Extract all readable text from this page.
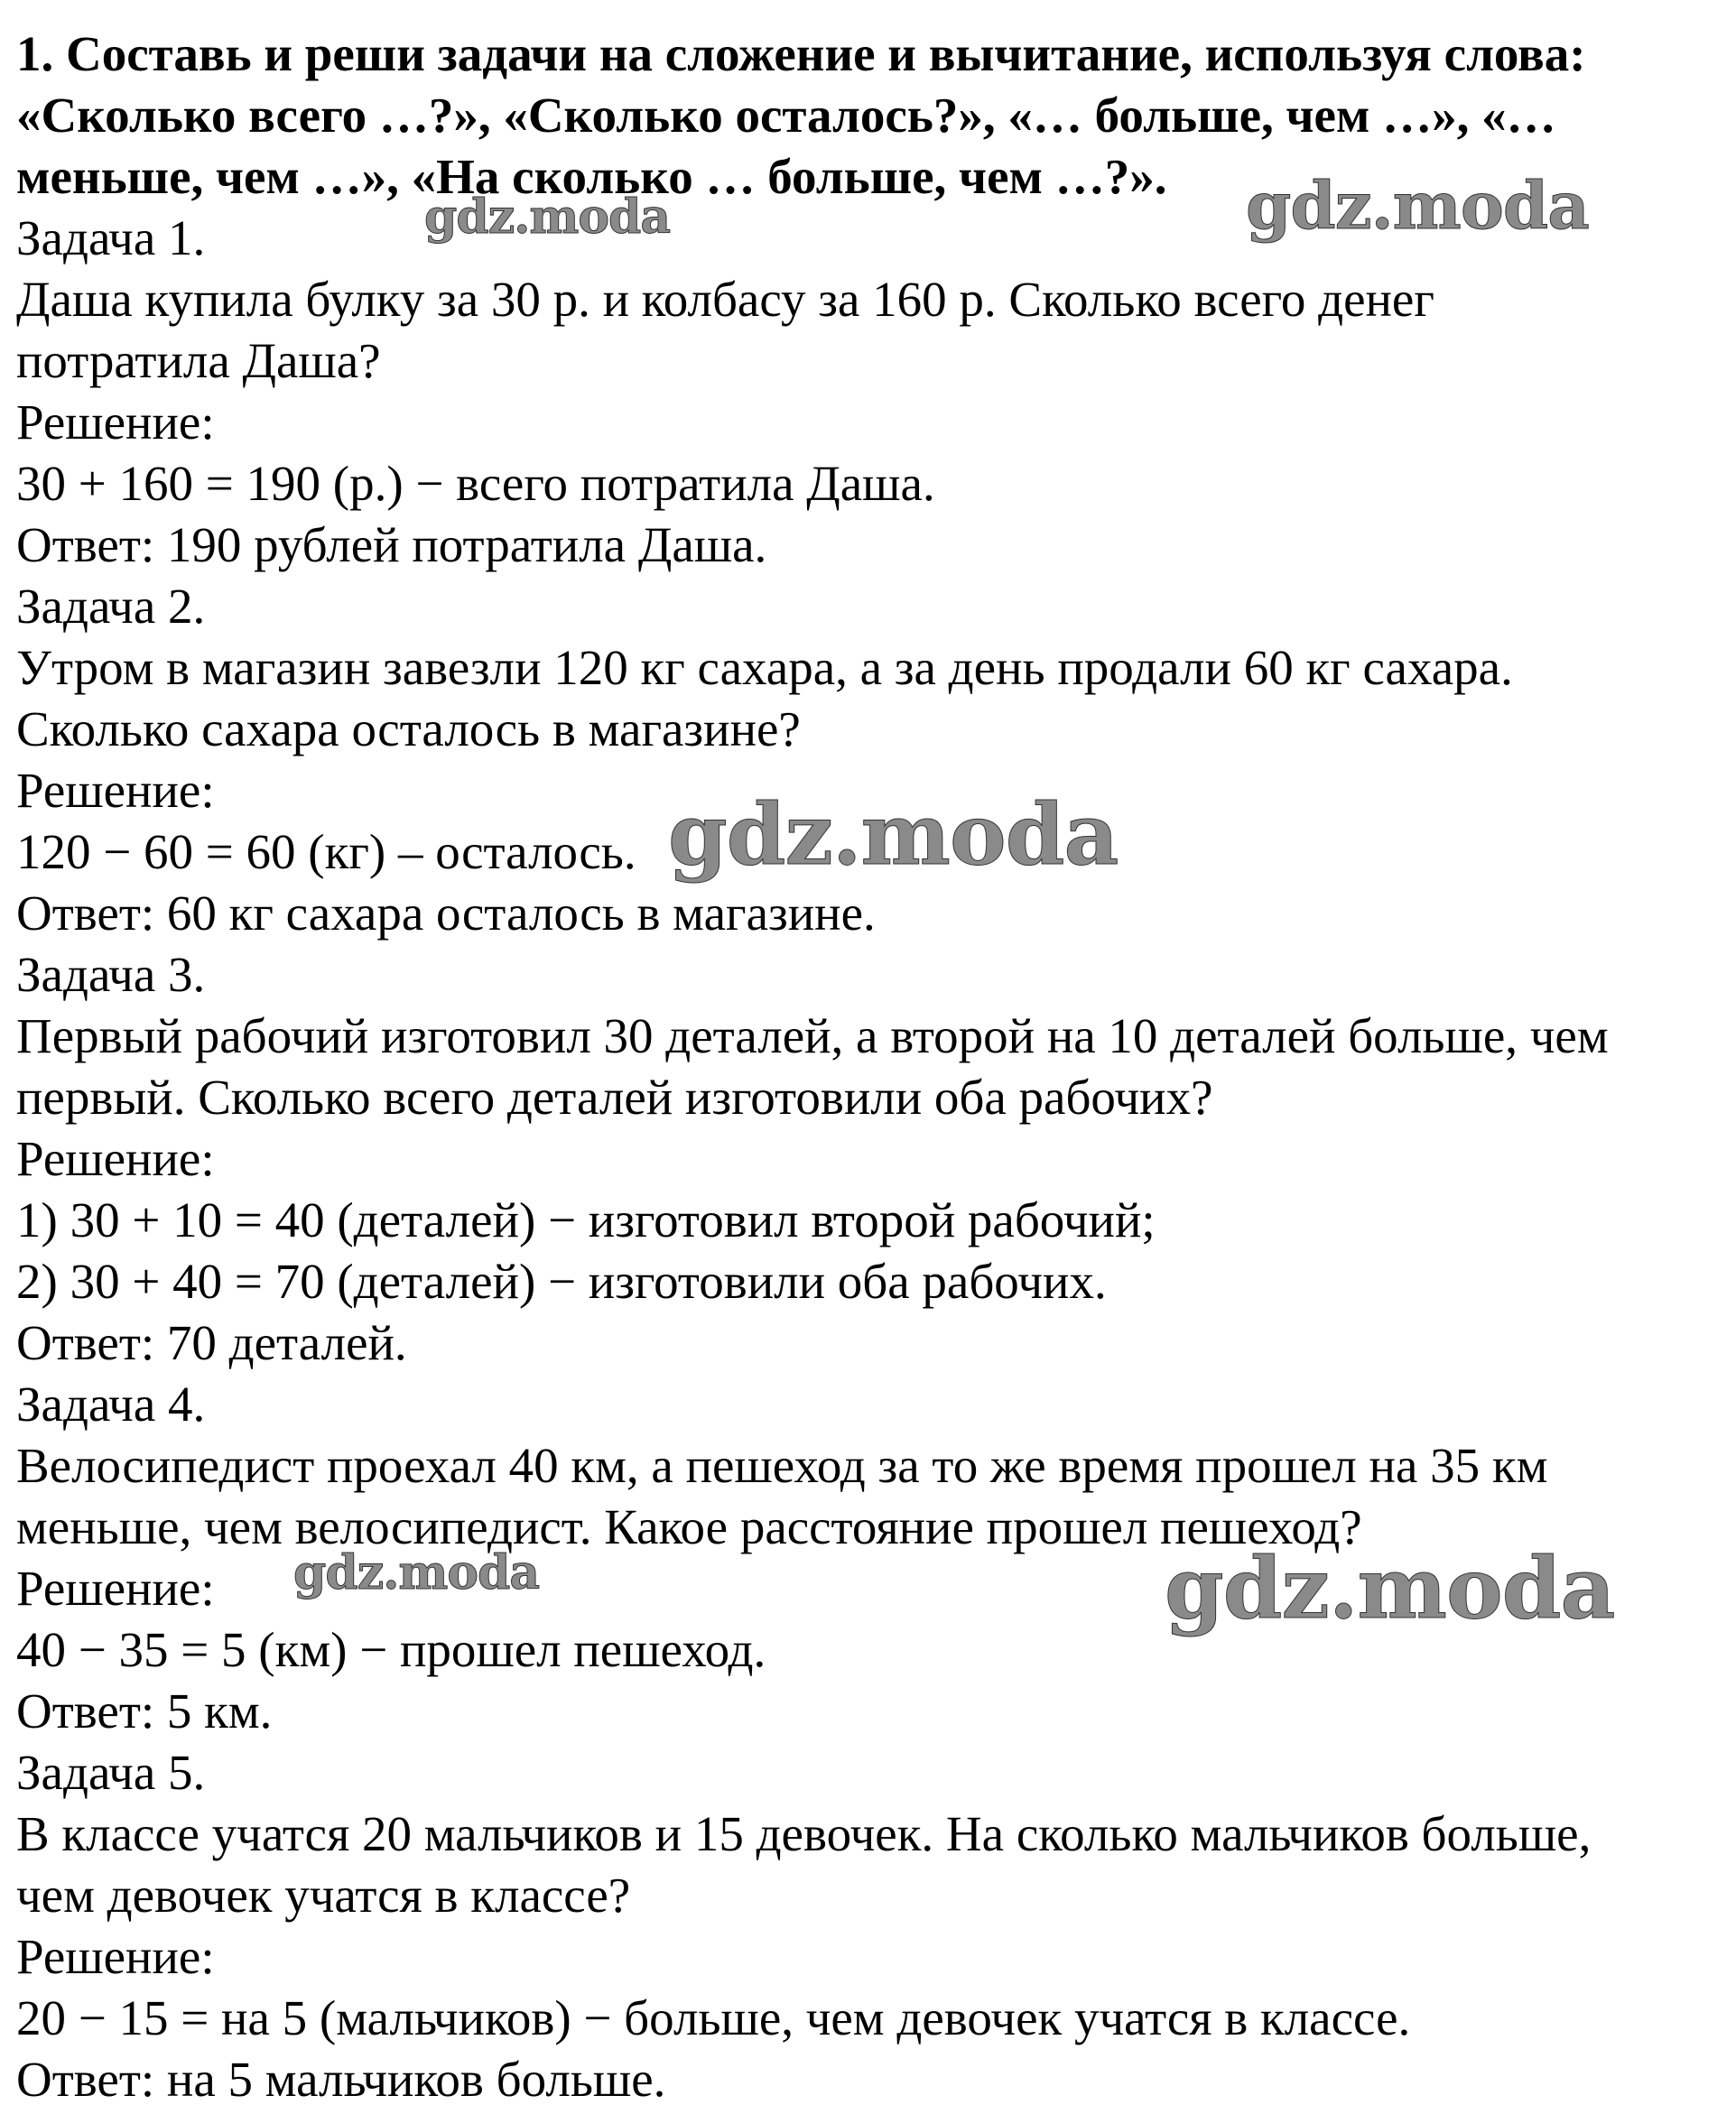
1. Составь и реши задачи на сложение и вычитание, используя слова:
«Сколько всего …?», «Сколько осталось?», «… больше, чем …», «…
меньше, чем …», «На сколько … больше, чем …?».
Задача 1.
Даша купила булку за 30 р. и колбасу за 160 р. Сколько всего денег
потратила Даша?
Решение:
30 + 160 = 190 (р.) − всего потратила Даша.
Ответ: 190 рублей потратила Даша.
Задача 2.
Утром в магазин завезли 120 кг сахара, а за день продали 60 кг сахара.
Сколько сахара осталось в магазине?
Решение:
120 − 60 = 60 (кг) – осталось.
Ответ: 60 кг сахара осталось в магазине.
Задача 3.
Первый рабочий изготовил 30 деталей, а второй на 10 деталей больше, чем
первый. Сколько всего деталей изготовили оба рабочих?
Решение:
1) 30 + 10 = 40 (деталей) − изготовил второй рабочий;
2) 30 + 40 = 70 (деталей) − изготовили оба рабочих.
Ответ: 70 деталей.
Задача 4.
Велосипедист проехал 40 км, а пешеход за то же время прошел на 35 км
меньше, чем велосипедист. Какое расстояние прошел пешеход?
Решение:
40 − 35 = 5 (км) − прошел пешеход.
Ответ: 5 км.
Задача 5.
В классе учатся 20 мальчиков и 15 девочек. На сколько мальчиков больше,
чем девочек учатся в классе?
Решение:
20 − 15 = на 5 (мальчиков) − больше, чем девочек учатся в классе.
Ответ: на 5 мальчиков больше.
gdz.moda	gdz.moda
gdz.moda
gdz.moda	gdz.moda
